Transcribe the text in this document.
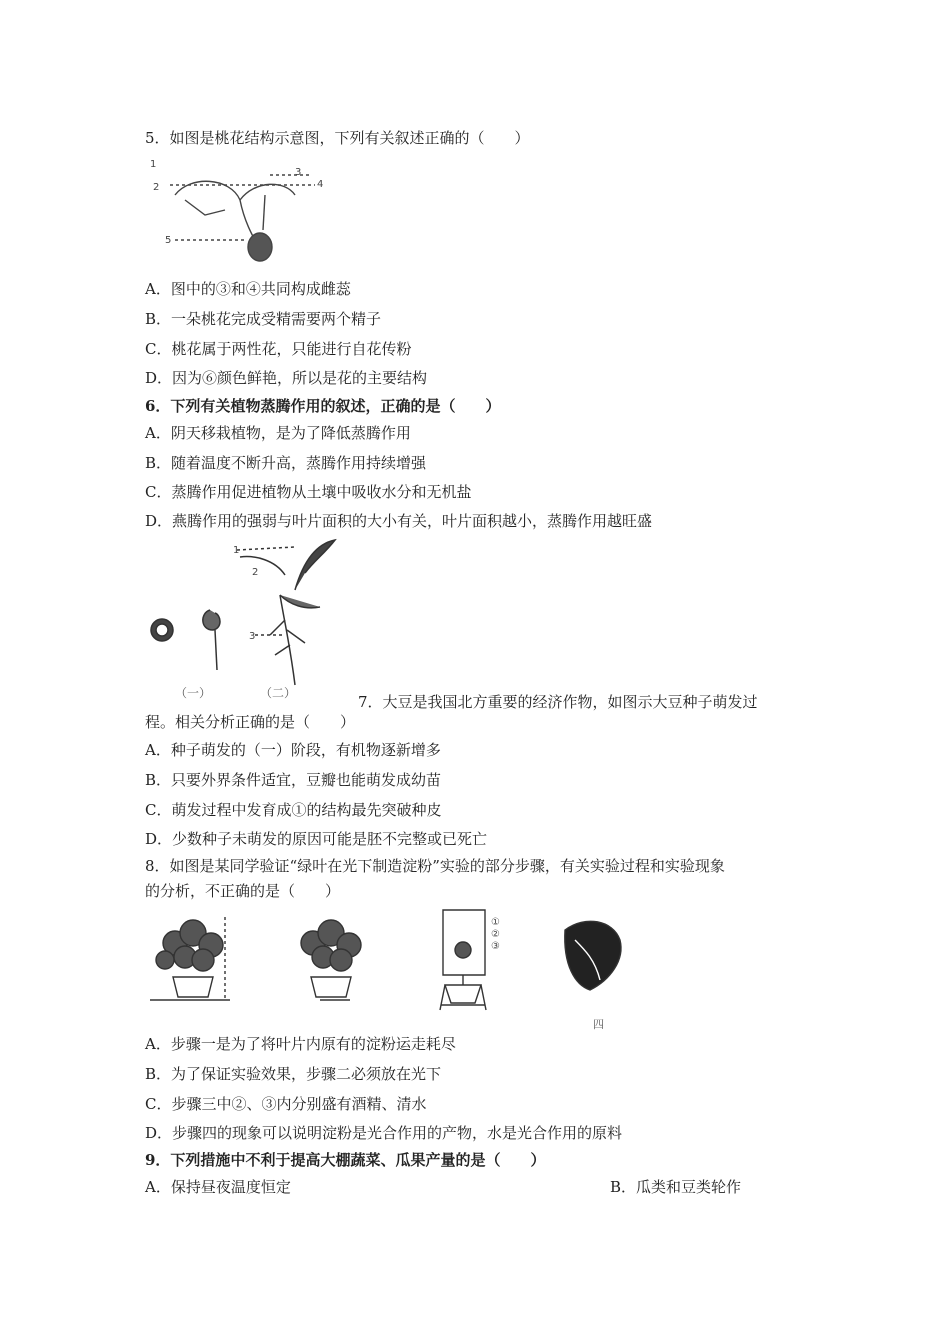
5．如图是桃花结构示意图，下列有关叙述正确的（　　）
1
2
3
4
5
A．图中的③和④共同构成雌蕊
B．一朵桃花完成受精需要两个精子
C．桃花属于两性花，只能进行自花传粉
D．因为⑥颜色鲜艳，所以是花的主要结构
6．下列有关植物蒸腾作用的叙述，正确的是（　　）
A．阴天移栽植物，是为了降低蒸腾作用
B．随着温度不断升高，蒸腾作用持续增强
C．蒸腾作用促进植物从土壤中吸收水分和无机盐
D．燕腾作用的强弱与叶片面积的大小有关，叶片面积越小，蒸腾作用越旺盛
1
2
3
（一）	（二）	7．大豆是我国北方重要的经济作物，如图示大豆种子萌发过
程。相关分析正确的是（　　）
A．种子萌发的（一）阶段，有机物逐新增多
B．只要外界条件适宜，豆瓣也能萌发成幼苗
C．萌发过程中发育成①的结构最先突破种皮
D．少数种子未萌发的原因可能是胚不完整或已死亡
8．如图是某同学验证“绿叶在光下制造淀粉”实验的部分步骤，有关实验过程和实验现象
的分析，不正确的是（　　）
①
②
③
四
A．步骤一是为了将叶片内原有的淀粉运走耗尽
B．为了保证实验效果，步骤二必须放在光下
C．步骤三中②、③内分别盛有酒精、清水
D．步骤四的现象可以说明淀粉是光合作用的产物，水是光合作用的原料
9．下列措施中不利于提高大棚蔬菜、瓜果产量的是（　　）
A．保持昼夜温度恒定	B．瓜类和豆类轮作
